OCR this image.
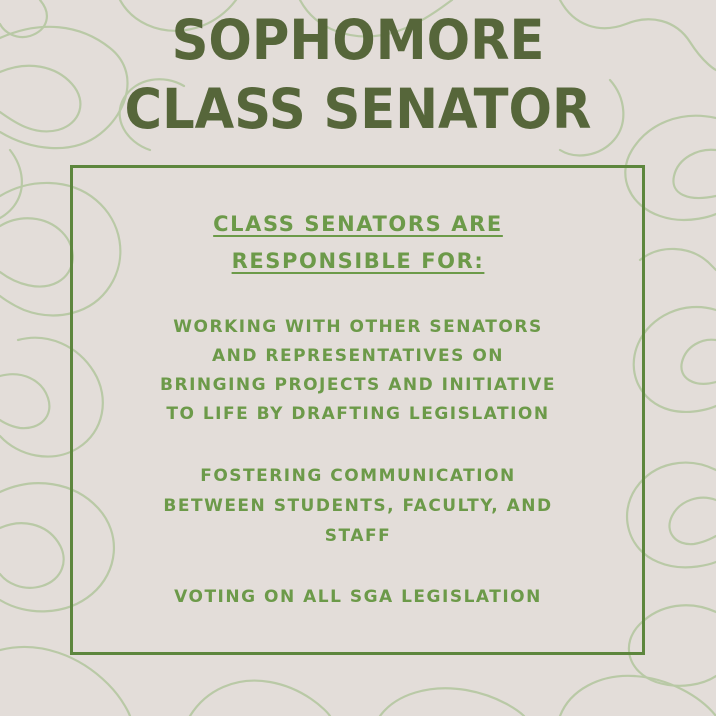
SOPHOMORE
CLASS SENATOR
CLASS SENATORS ARE
RESPONSIBLE FOR:
WORKING WITH OTHER SENATORS
AND REPRESENTATIVES ON
BRINGING PROJECTS AND INITIATIVE
TO LIFE BY DRAFTING LEGISLATION
FOSTERING COMMUNICATION
BETWEEN STUDENTS, FACULTY, AND
STAFF
VOTING ON ALL SGA LEGISLATION
